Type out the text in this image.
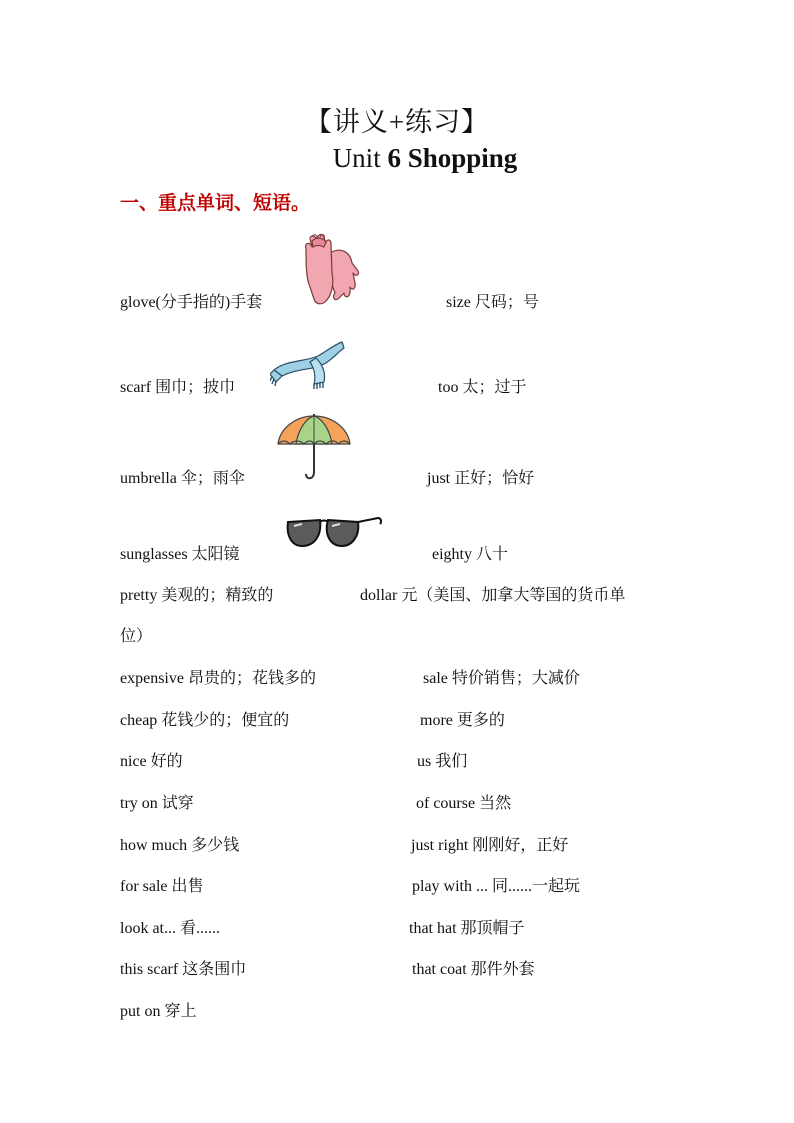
【讲义+练习】
Unit 6 Shopping
一、重点单词、短语。
glove(分手指的)手套	size 尺码；号
scarf 围巾；披巾	too 太；过于
umbrella 伞；雨伞	just 正好；恰好
sunglasses 太阳镜	eighty 八十
pretty 美观的；精致的	dollar 元（美国、加拿大等国的货币单
位）
expensive 昂贵的；花钱多的	sale 特价销售；大减价
cheap 花钱少的；便宜的	more 更多的
nice 好的	us 我们
try on 试穿	of course 当然
how much 多少钱	just right 刚刚好，正好
for sale 出售	play with ... 同......一起玩
look at... 看......	that hat 那顶帽子
this scarf 这条围巾	that coat 那件外套
put on 穿上
